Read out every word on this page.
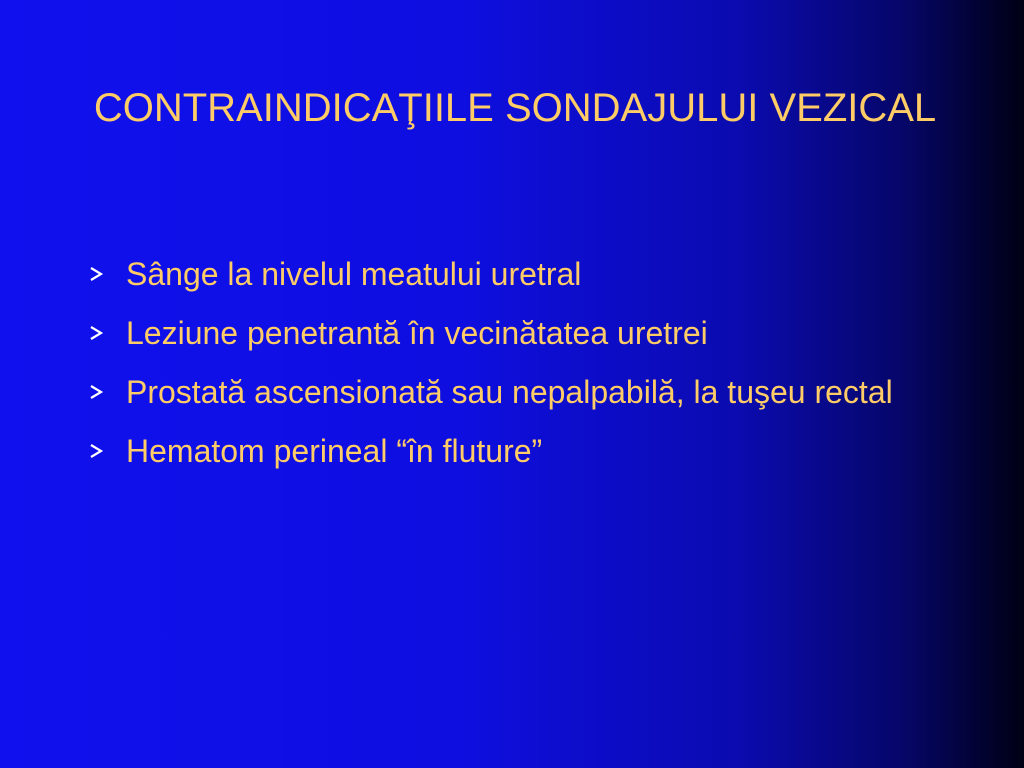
CONTRAINDICAŢIILE SONDAJULUI VEZICAL
Sânge la nivelul meatului uretral
Leziune penetrantă în vecinătatea uretrei
Prostată ascensionată sau nepalpabilă, la tuşeu rectal
Hematom perineal “în fluture”
